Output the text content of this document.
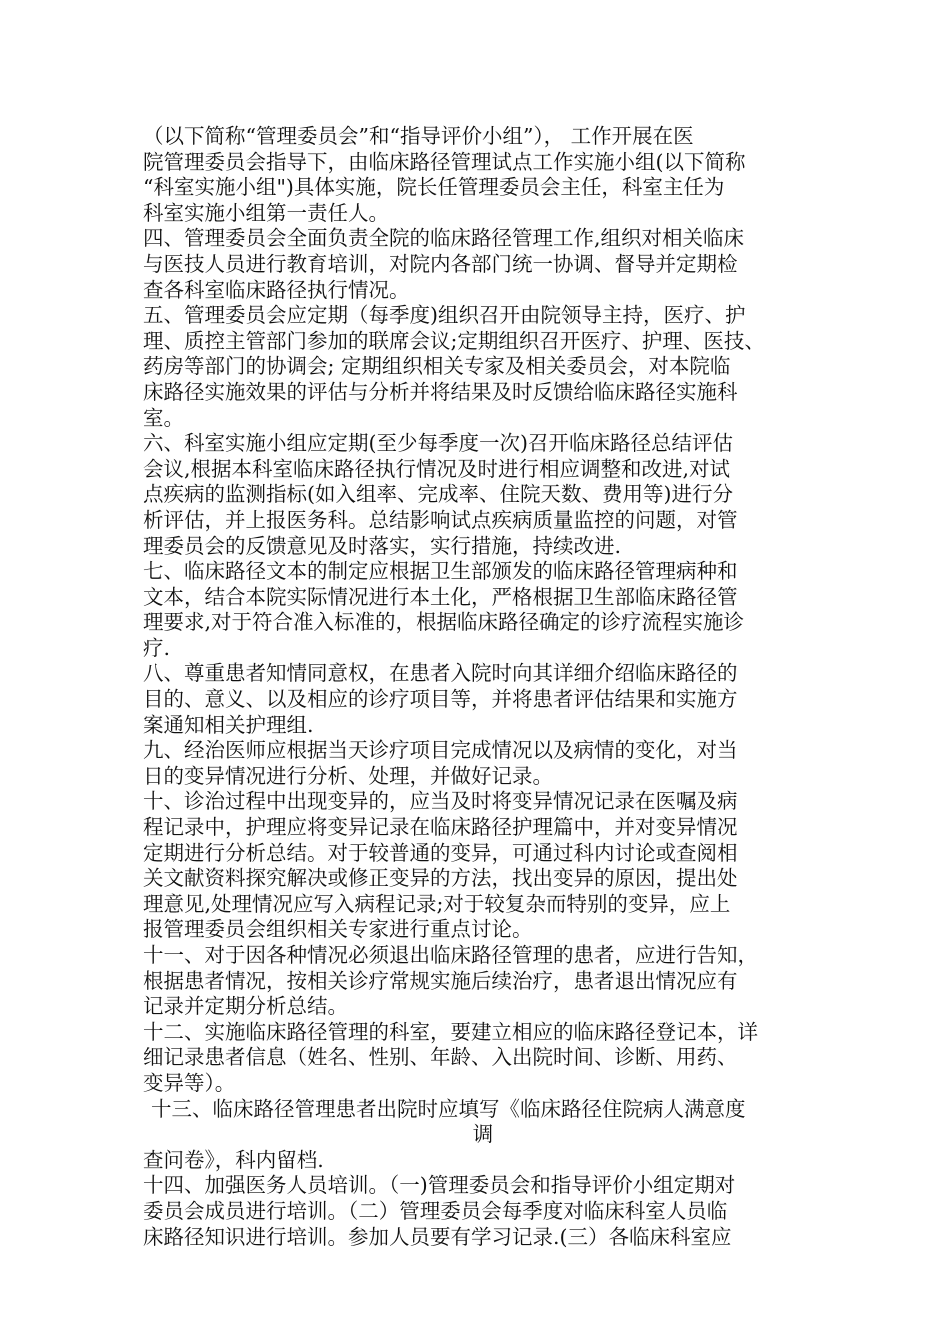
（以下简称“管理委员会”和“指导评价小组”）， 工作开展在医
院管理委员会指导下，由临床路径管理试点工作实施小组(以下简称
“科室实施小组")具体实施，院长任管理委员会主任，科室主任为
科室实施小组第一责任人。
四、管理委员会全面负责全院的临床路径管理工作,组织对相关临床
与医技人员进行教育培训，对院内各部门统一协调、督导并定期检
查各科室临床路径执行情况。
五、管理委员会应定期（每季度)组织召开由院领导主持，医疗、护
理、质控主管部门参加的联席会议;定期组织召开医疗、护理、医技、
药房等部门的协调会; 定期组织相关专家及相关委员会，对本院临
床路径实施效果的评估与分析并将结果及时反馈给临床路径实施科
室。
六、科室实施小组应定期(至少每季度一次)召开临床路径总结评估
会议,根据本科室临床路径执行情况及时进行相应调整和改进,对试
点疾病的监测指标(如入组率、完成率、住院天数、费用等)进行分
析评估，并上报医务科。总结影响试点疾病质量监控的问题，对管
理委员会的反馈意见及时落实，实行措施，持续改进.
七、临床路径文本的制定应根据卫生部颁发的临床路径管理病种和
文本，结合本院实际情况进行本土化，严格根据卫生部临床路径管
理要求,对于符合准入标准的，根据临床路径确定的诊疗流程实施诊
疗.
八、尊重患者知情同意权，在患者入院时向其详细介绍临床路径的
目的、意义、以及相应的诊疗项目等，并将患者评估结果和实施方
案通知相关护理组.
九、经治医师应根据当天诊疗项目完成情况以及病情的变化，对当
日的变异情况进行分析、处理，并做好记录。
十、诊治过程中出现变异的，应当及时将变异情况记录在医嘱及病
程记录中，护理应将变异记录在临床路径护理篇中，并对变异情况
定期进行分析总结。对于较普通的变异，可通过科内讨论或查阅相
关文献资料探究解决或修正变异的方法，找出变异的原因，提出处
理意见,处理情况应写入病程记录;对于较复杂而特别的变异，应上
报管理委员会组织相关专家进行重点讨论。
十一、对于因各种情况必须退出临床路径管理的患者，应进行告知，
根据患者情况，按相关诊疗常规实施后续治疗，患者退出情况应有
记录并定期分析总结。
十二、实施临床路径管理的科室，要建立相应的临床路径登记本，详
细记录患者信息（姓名、性别、年龄、入出院时间、诊断、用药、
变异等）。
十三、临床路径管理患者出院时应填写《临床路径住院病人满意度
调
查问卷》，科内留档.
十四、加强医务人员培训。（一)管理委员会和指导评价小组定期对
委员会成员进行培训。（二）管理委员会每季度对临床科室人员临
床路径知识进行培训。参加人员要有学习记录.(三）各临床科室应
